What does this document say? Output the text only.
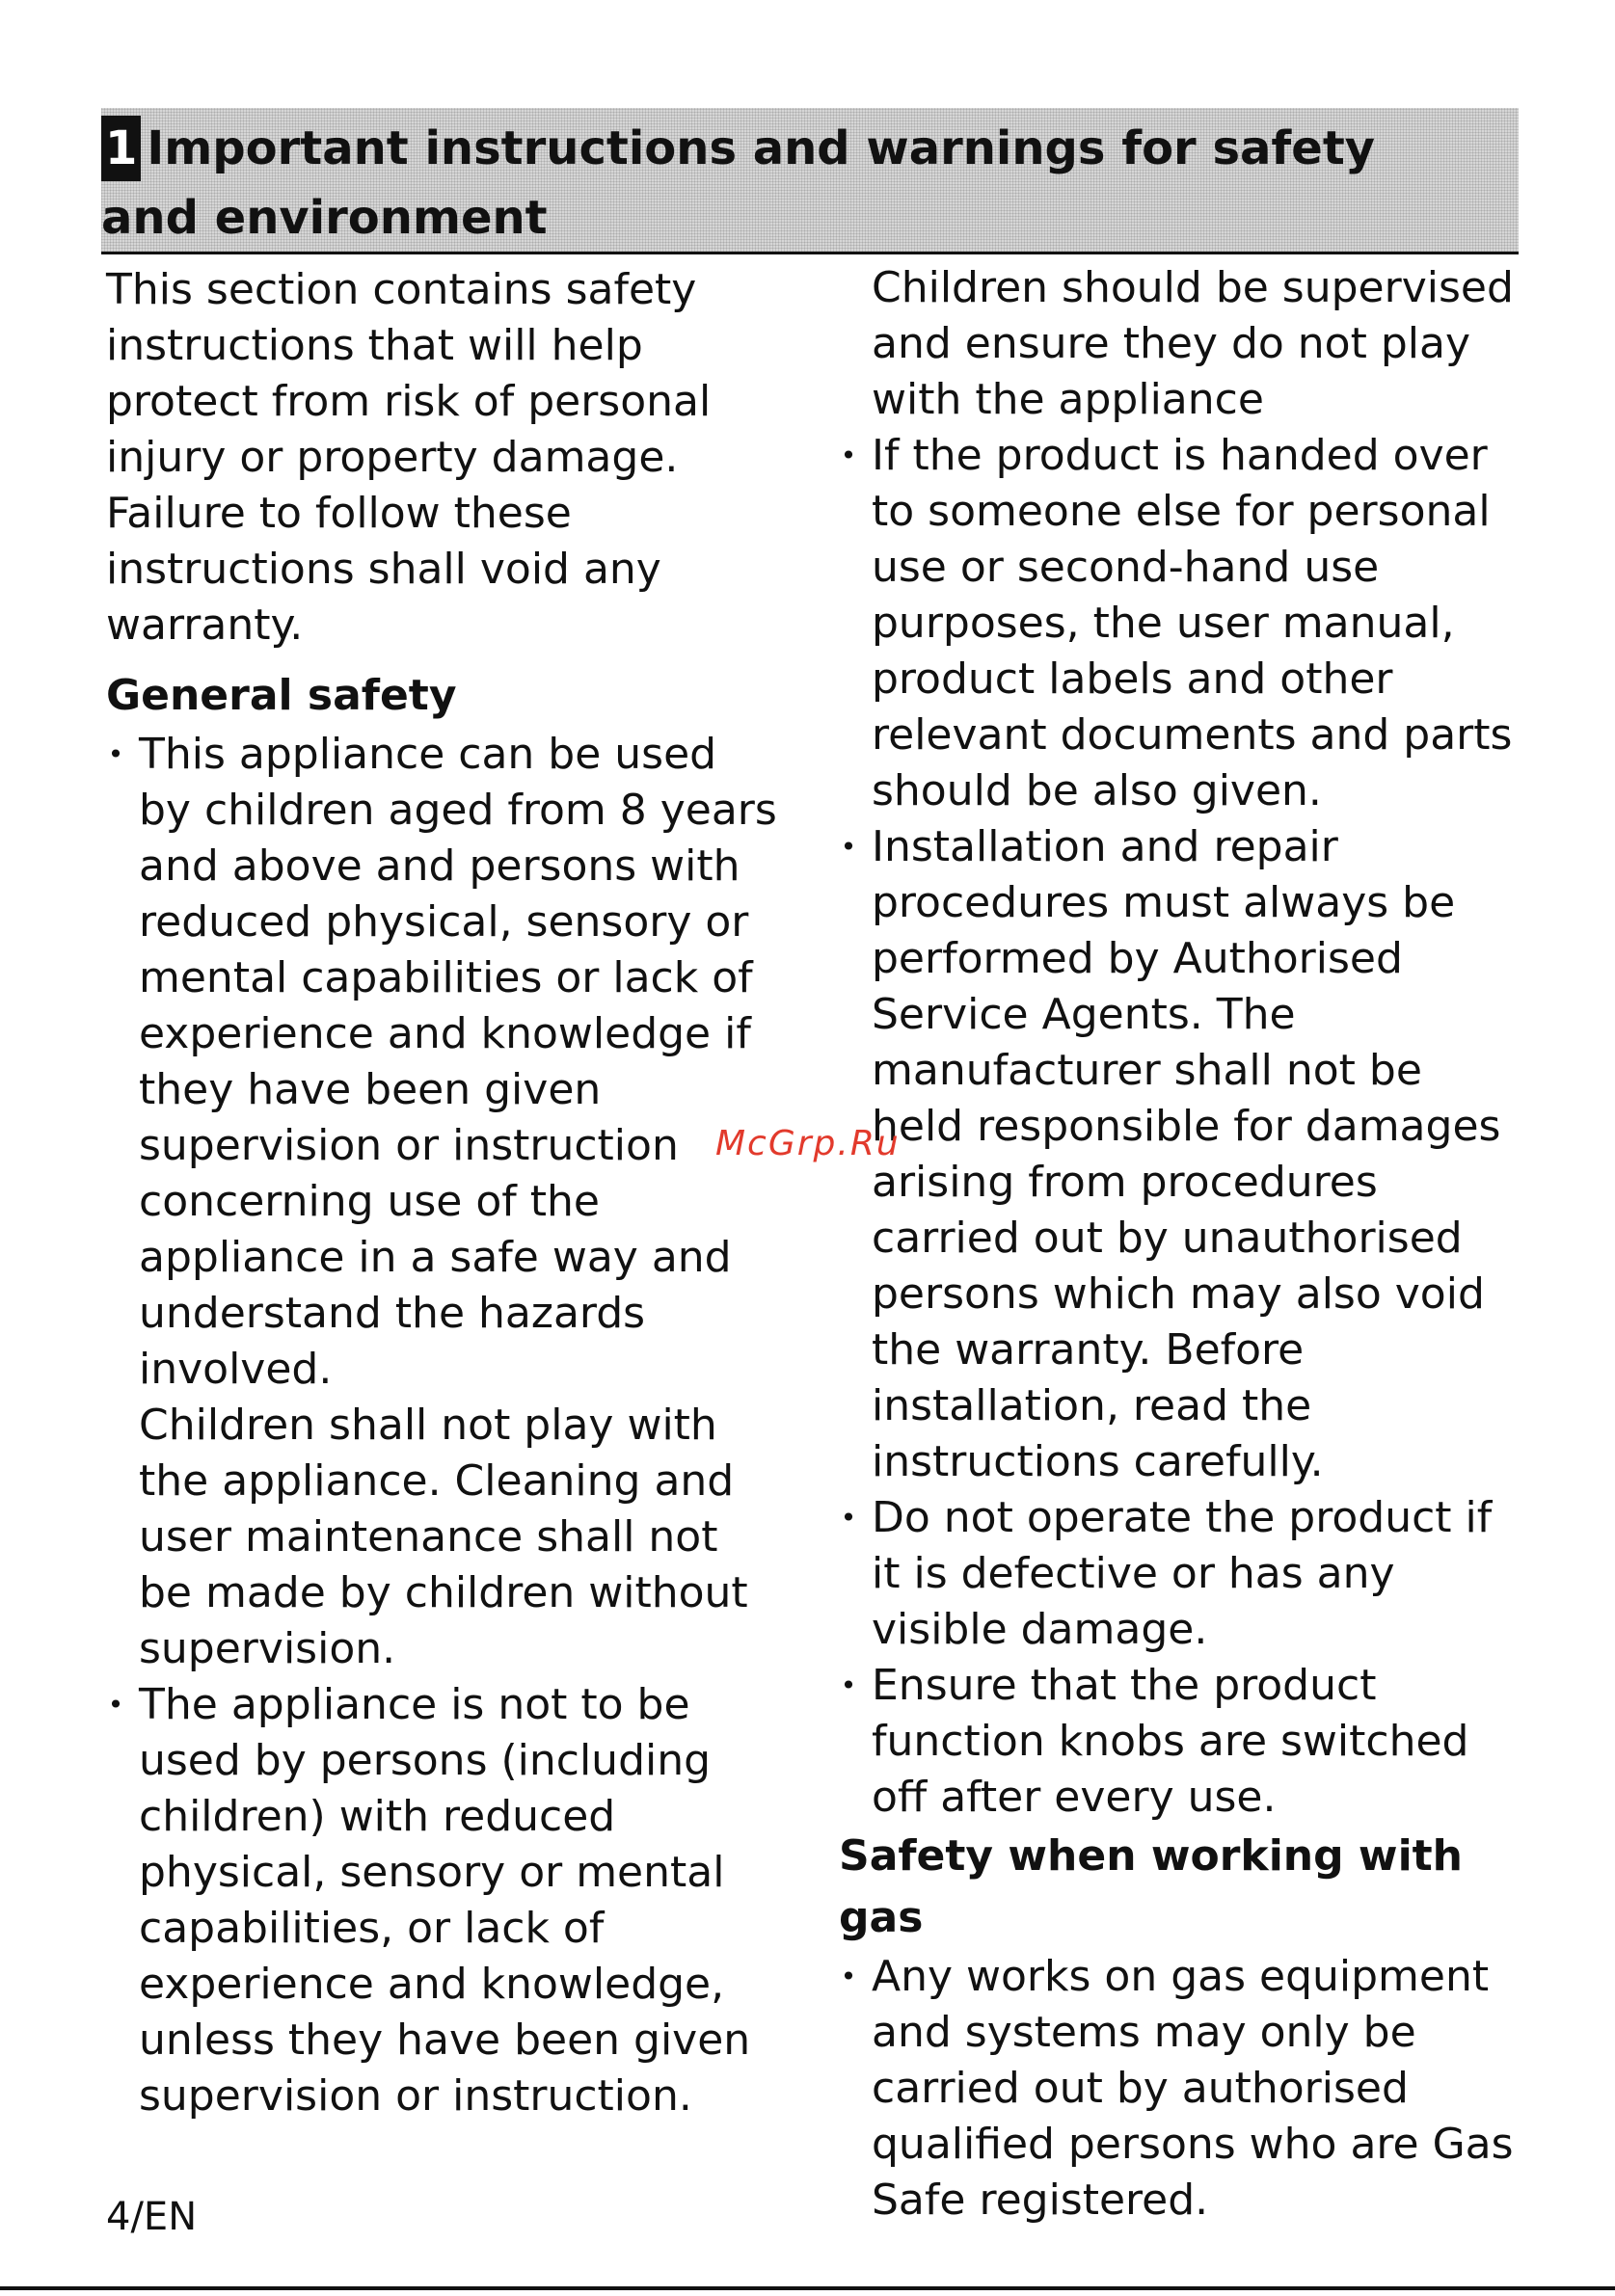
1 Important instructions and warnings for safety and environment

This section contains safety instructions that will help protect from risk of personal injury or property damage. Failure to follow these instructions shall void any warranty.

General safety
• This appliance can be used by children aged from 8 years and above and persons with reduced physical, sensory or mental capabilities or lack of experience and knowledge if they have been given supervision or instruction concerning use of the appliance in a safe way and understand the hazards involved.

Children shall not play with the appliance. Cleaning and user maintenance shall not be made by children without supervision.

• The appliance is not to be used by persons (including children) with reduced physical, sensory or mental capabilities, or lack of experience and knowledge, unless they have been given supervision or instruction.

Children should be supervised and ensure they do not play with the appliance

• If the product is handed over to someone else for personal use or second-hand use purposes, the user manual, product labels and other relevant documents and parts should be also given.

• Installation and repair procedures must always be performed by Authorised Service Agents. The manufacturer shall not be held responsible for damages arising from procedures carried out by unauthorised persons which may also void the warranty. Before installation, read the instructions carefully.

• Do not operate the product if it is defective or has any visible damage.

• Ensure that the product function knobs are switched off after every use.

Safety when working with gas
• Any works on gas equipment and systems may only be carried out by authorised qualified persons who are Gas Safe registered.

McGrp.Ru
4/EN
